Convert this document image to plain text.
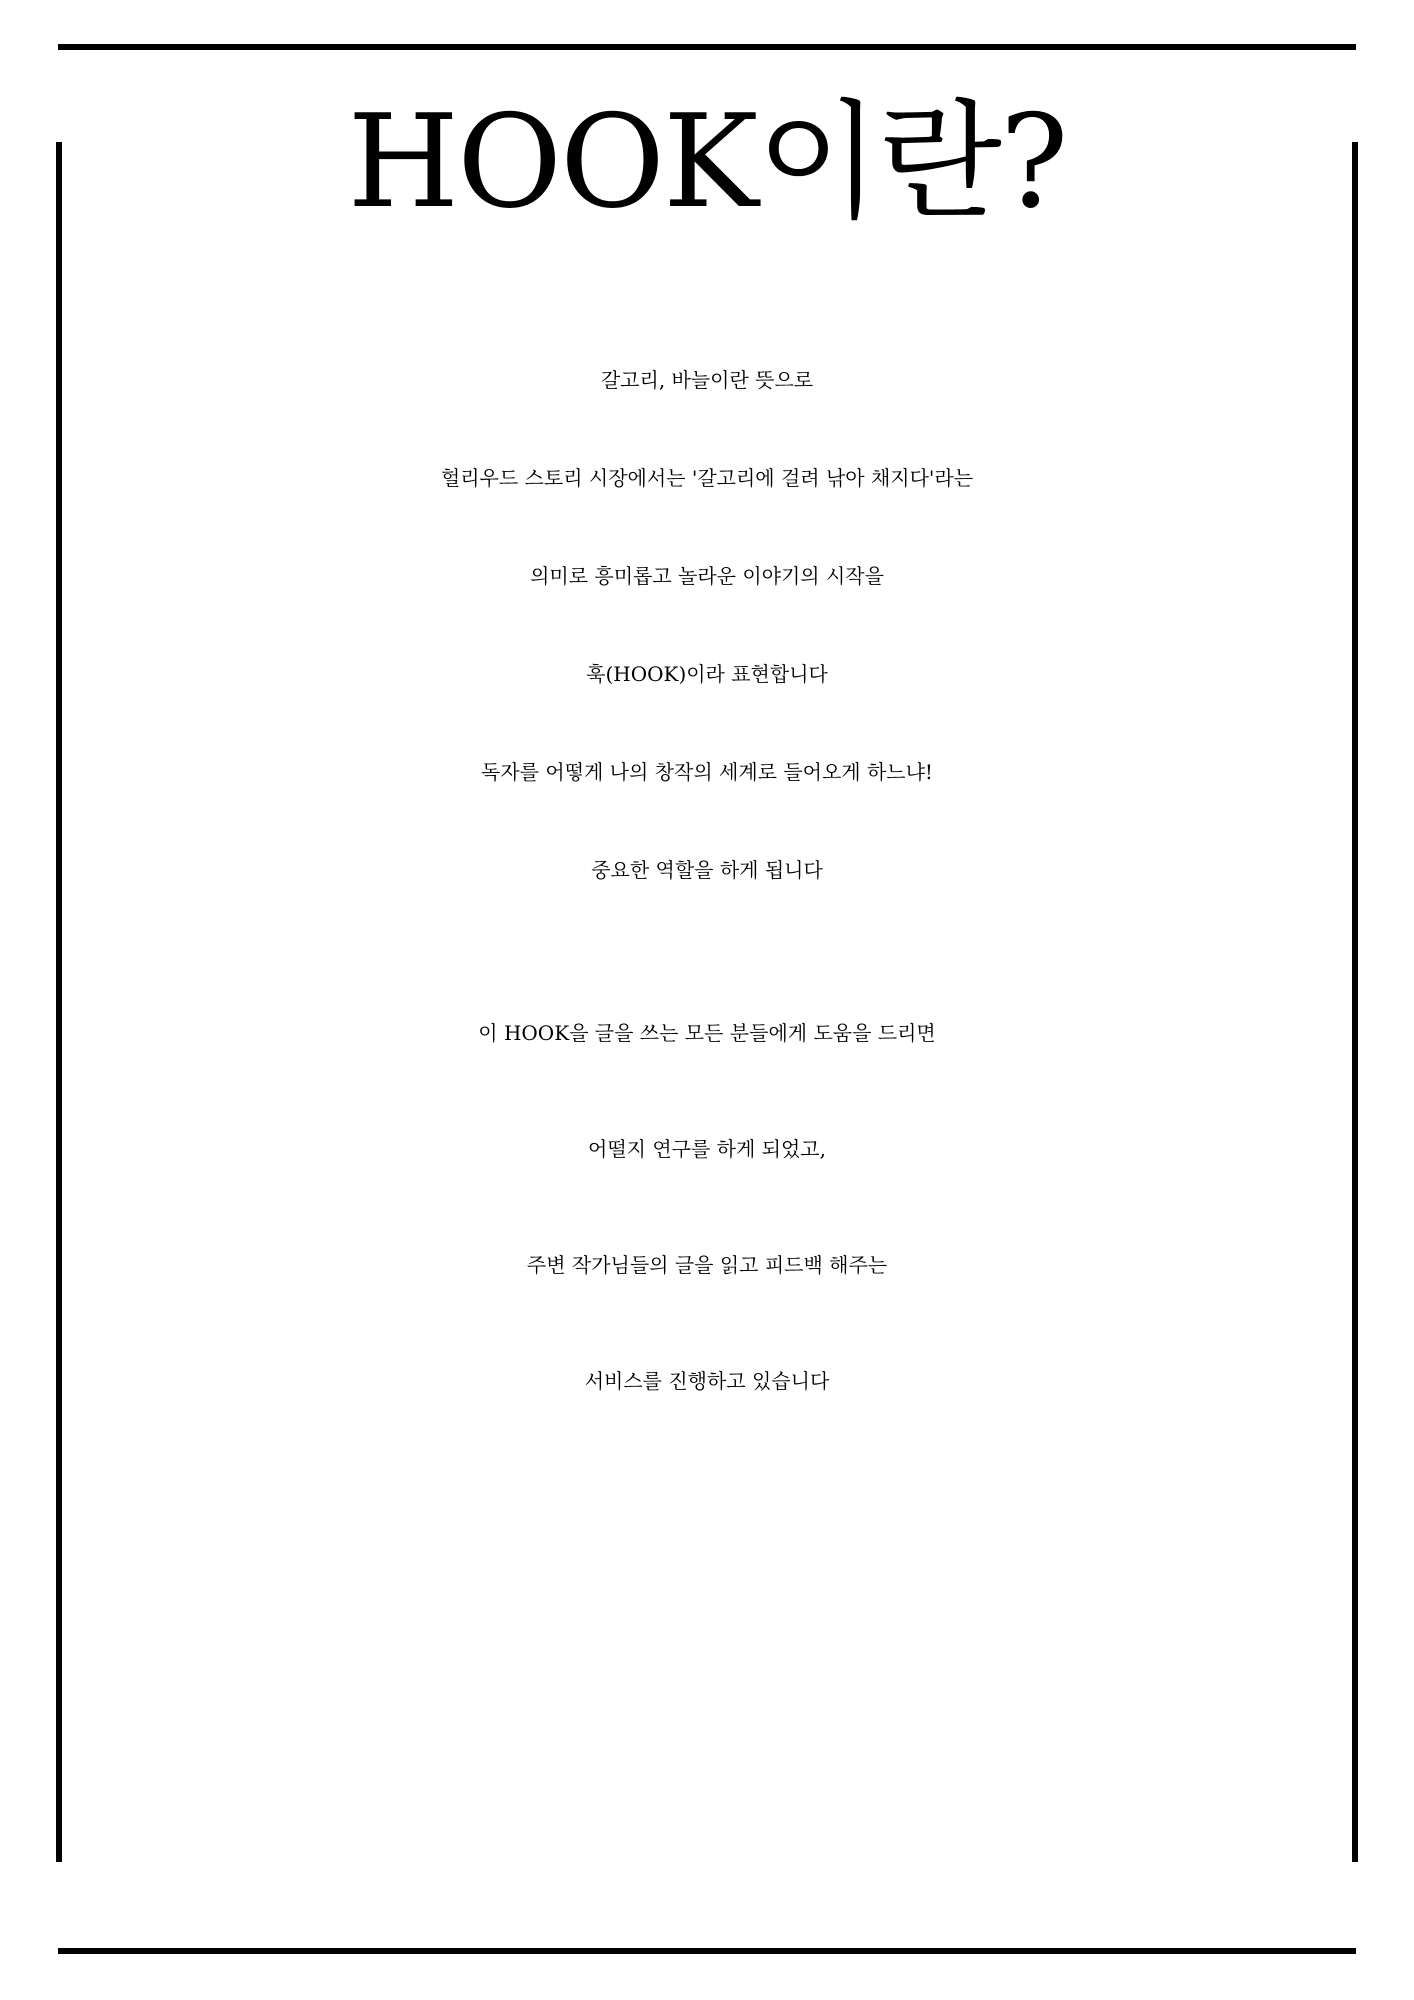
HOOK이란?

갈고리, 바늘이란 뜻으로

헐리우드 스토리 시장에서는 '갈고리에 걸려 낚아 채지다'라는

의미로 흥미롭고 놀라운 이야기의 시작을

훅(HOOK)이라 표현합니다

독자를 어떻게 나의 창작의 세계로 들어오게 하느냐!

중요한 역할을 하게 됩니다

이 HOOK을 글을 쓰는 모든 분들에게 도움을 드리면

어떨지 연구를 하게 되었고,

주변 작가님들의 글을 읽고 피드백 해주는

서비스를 진행하고 있습니다
